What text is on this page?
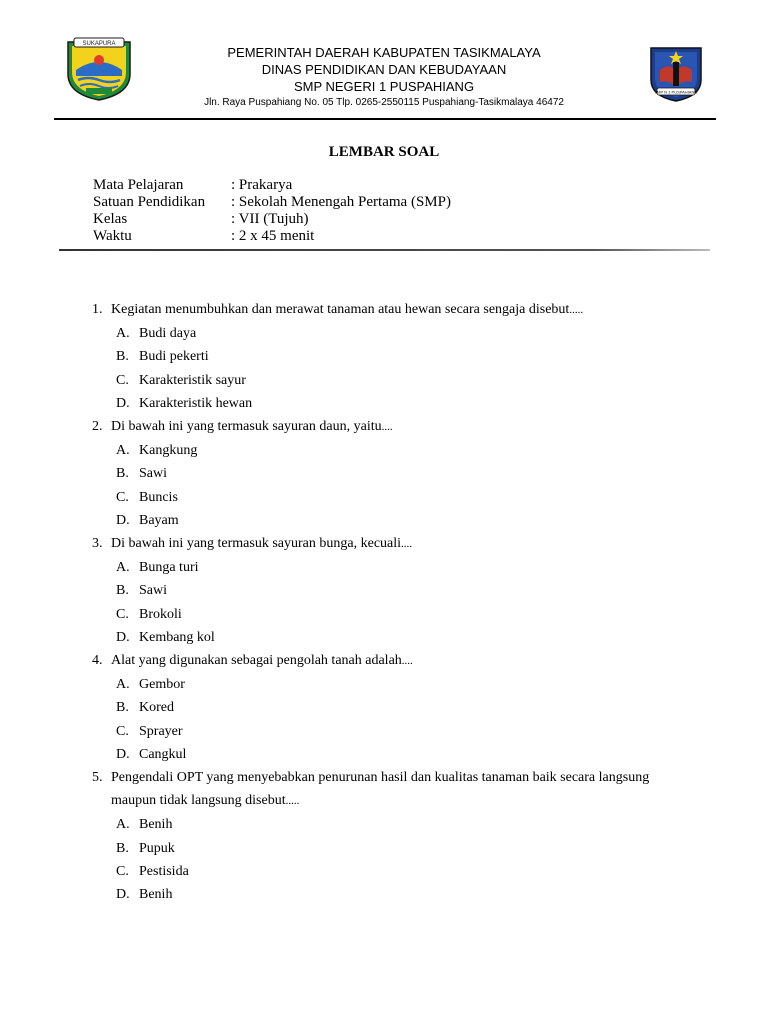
SUKAPURA
PEMERINTAH DAERAH KABUPATEN TASIKMALAYA
DINAS PENDIDIKAN DAN KEBUDAYAAN
SMP NEGERI 1 PUSPAHIANG
Jln. Raya Puspahiang No. 05 Tlp. 0265-2550115 Puspahiang-Tasikmalaya 46472
SMP N 1 PUSPAHIANG
LEMBAR SOAL
Mata Pelajaran	: Prakarya
Satuan Pendidikan	: Sekolah Menengah Pertama (SMP)
Kelas	: VII (Tujuh)
Waktu	: 2 x 45 menit
1. Kegiatan menumbuhkan dan merawat tanaman atau hewan secara sengaja disebut.....
A. Budi daya
B. Budi pekerti
C. Karakteristik sayur
D. Karakteristik hewan
2. Di bawah ini yang termasuk sayuran daun, yaitu....
A. Kangkung
B. Sawi
C. Buncis
D. Bayam
3. Di bawah ini yang termasuk sayuran bunga, kecuali....
A. Bunga turi
B. Sawi
C. Brokoli
D. Kembang kol
4. Alat yang digunakan sebagai pengolah tanah adalah....
A. Gembor
B. Kored
C. Sprayer
D. Cangkul
5. Pengendali OPT yang menyebabkan penurunan hasil dan kualitas tanaman baik secara langsung maupun tidak langsung disebut.....
A. Benih
B. Pupuk
C. Pestisida
D. Benih
